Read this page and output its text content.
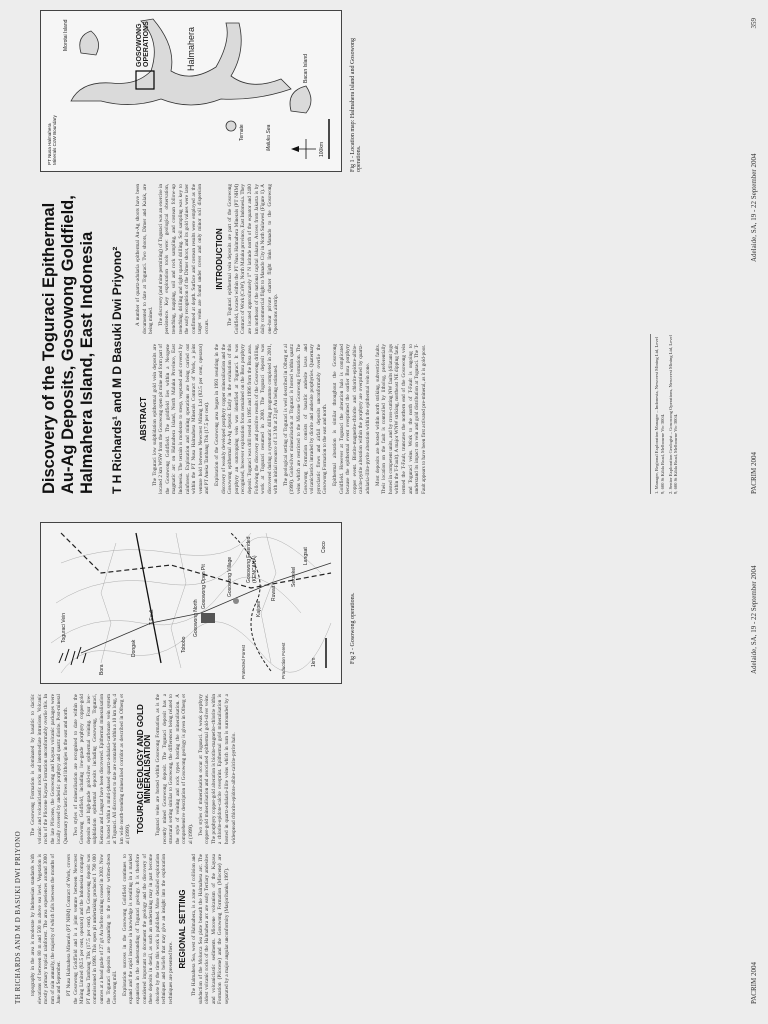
TH RICHARDS AND M D BASUKI DWI PRIYONO topography in the area is moderate by Indonesian standards with elevations of between 80 m and 500 m above sea level. Vegetation is mostly primary tropical rainforest. The area experiences around 3000 mm of rain annually, the majority of which falls between the months of June and September. PT Nusa Halmahera Minerals (PT NHM) Contract of Work, covers the Gosowong Goldfield and is a joint venture between Newcrest Mining Limited (82.5 per cent, operator) and the Indonesian company PT Aneka Tambang Tbk (17.5 per cent). The Gosowong deposit was commissioned in 1998. This open pit undertaking produced 1 790 000 ounces at a head grade of 27 g/t Au before mining ceased in 2002. Now the Toguraci deposits are expanding to the recently written-down Gosowong mill. Exploration success in the Gosowong Goldfield continues to expand and the rapid increase in knowledge is resulting in a marked expansion in the understanding of Toguraci geology. It is therefore considered important to document the geology and the discovery of these deposits in detail, as such an undertaking may in part become obsolete by the time this work is published. More detailed exploration techniques and beliefs that may give an insight into the exploration techniques are presented here.

REGIONAL SETTING The Halmahera Sea, west of Halmahera, is a zone of collision and subduction of the Molucca Sea plate beneath the Halmahera arc. The oldest volcanic rocks of the Halmahera arc are early Tertiary andesites and volcaniclastic sediments. Miocene volcanism of the Kayasa Formation (Pliocene) and the Gosowong Formation (Miocene) are separated by a major angular unconformity (Marjoribanks, 1997).

The Gosowong Formation is dominated by basaltic to dacitic volcanic and volcaniclastic rocks and intermediate intrusions. Volcanic rocks of the Pliocene Kayasa Formation unconformably overlie this. In the late Pliocene, the Gosowong and Kayasa volcanic packages were locally covered by andesitic porphyry and quartz diorite. Post-mineral Quaternary pyroclastic flows and lithologies in the east and north. Two styles of mineralisation are recognised to date within the Gosowong Goldfield, including low-grade porphyry copper-gold deposits and high-grade gold-silver epithermal veining. Four low-sulphidation epithermal deposits including Gosowong, Toguraci, Kencana and Langsat have been discovered. Epithermal mineralisation is hosted within a multi-phased quartz-adularia-carbonate vein system at Toguraci. All discoveries to date are contained within a 10 km long, 4 km wide north-trending mineralised corridor as described in Olberg et al (1999).

TOGURACI GEOLOGY AND GOLD MINERALISATION Toguraci veins are hosted within Gosowong Formation, as is the recently mined Gosowong deposit. The Toguraci deposit has a structural setting similar to Gosowong, the differences being related to the style of veining and rock types hosting the mineralisation. A comprehensive description of Gosowong geology is given in Olberg et al (1999). Two styles of mineralisation occur at Toguraci. A weak porphyry copper-gold mineralisation and associated epithermal gold-silver veins. The porphyry copper-gold alteration is biotite-magnetite-chlorite within a chlorite-epidote-calcite overprint. Epithermal gold mineralisation is hosted in quartz-adularia-illite veins which in turn is surrounded by a widespread chlorite-epidote-albite-calcite-pyrite halo.

1km
Toguraci Vein
Bora
Dongak	Tobobo
T Fault	Gosowong North
Gosowong Open Pit	Gosowong Village
Kajipeli
Ruwait
Gosowong Extended (KENCANA)	Seksekel
Langsat
Coco
Protected Forest	Production Forest	Fig 2 - Gosowong operations.	Adelaide, SA, 19 - 22 September 2004
PACRIM 2004
Discovery of the Toguraci Epithermal Au-Ag Deposits, Gosowong Goldfield, Halmahera Island, East Indonesia T H Richards¹ and M D Basuki Dwi Priyono² ABSTRACT The Toguraci low sulphidation epithermal gold vein deposits are located 2 km WSW from the Gosowong open pit mine and form part of the Gosowong Goldfield. The goldfield lies within a Neogene magmatic arc on Halmahera Island, North Maluku Province, East Indonesia. The terrain is moderate to steep, vegetated and covered by rainforest. Exploration and mining operations are being carried out within the PT Nusa Halmahera Minerals Contract of Work, a joint venture held between Newcrest Mining Ltd (82.5 per cent, operator) and PT Aneka Tambang Tbk (17.5 per cent). Exploration of the Gosowong area began in 1993 resulting in the discovery of weakly developed porphyry copper mineralisation and the Gosowong epithermal Au-Ag deposit. Early in the evaluation of this porphyry an outcropping vein was identified at Toguraci. It was recognised, however exploration focus remained on the Bora porphyry deposit. Toguraci was drill tested in 1995 and 1996 from the Bora area. Following the discovery and positive results of the Gosowong drilling, work at Toguraci resumed in 2000. The Toguraci deposit was discovered during a systematic drilling programme completed in 2001, with an initial resource of 1.3 Mt at 23 g/t Au being estimated. The geological setting of Toguraci is well described in Olberg et al (1999). Gold-silver mineralisation at Toguraci is hosted within quartz veins which are restricted to the Miocene Gosowong Formation. The Gosowong Formation consists of basaltic andesite lavas and volcaniclastics intruded by diorite and andesite porphyries. Quaternary pyroclastic flows and airfall deposits unconformably overlie the Gosowong Formation to the east and north. Epithermal alteration is similar throughout the Gosowong Goldfield. However at Toguraci the alteration halo is complicated because the epithermal event overprinted the earlier Bora porphyry copper event. Biotite-magnetite-chlorite and chlorite-epidote-albite-calcite-pyrite alteration within the porphyry are overprinted by quartz-adularia-illite-pyrite alteration within the epithermal vein zone. Most deposits are hosted within north striking, subvertical faults. Their location on the fault is controlled by litholog, preferentially hosted in competent units, and by cross-cutting NW faults (dilatant jogs within the T-Fault). A major WNW striking, northeast NE dipping fault, termed the T-Fault, truncates the northern end of the Gosowong vein and Toguraci veins. Work to the north of T-Fault is ongoing to understand its impact on vein and gold distribution at Toguraci. The T-Fault appears to have been first activated pre-mineral, as it is gold-poor.	1. Manager, Regional Exploration Manager – Indonesia, Newcrest Mining Ltd, Level 9, 600 St Kilda Road, Melbourne Vic 3004. 2. Senior Exploration Geologist – Gosowong Operations, Newcrest Mining Ltd, Level 9, 600 St Kilda Road, Melbourne Vic 3004.

A number of quartz-adularia epithermal Au-Ag shoots have been documented to date at Toguraci. Two shoots, Dimer and Kalak, are being mined. The discovery (and mine permitting) of Toguraci was an exercise in persistence. Key exploration tools were: geological observation, trenching, mapping, soil and rock sampling, and costean follow-up trenching, drilling and tight spaced drilling. Soil sampling was key to the early recognition of the Dimer shoot, and its gold values were later confirmed at depth. Surface and costean results were employed as the target veins are found under cover and only minor soil dispersion occurs.

INTRODUCTION The Toguraci epithermal vein deposits are part of the Gosowong Goldfield, located within the PT Nusa Halmahera Minerals (PT NHM) Contract of Work (CoW), North Maluku province, East Indonesia. They are located approximately 1° N latitude north of the equator and 2400 km northeast of the national capital Jakarta. Access from Jakarta is by daily commercial flight to Manado City in North Sulawesi (Figure 1). A one-hour private charter flight links Manado to the Gosowong Operations airstrip.

GOSOWONG OPERATIONS	Halmahera
Morotai Island
Ternate
Bacan Island
Maluku Sea
PT Nusa Halmahera Minerals CoW Boundary	100km	Fig 1 - Location map: Halmahera Island and Gosowong operations.
PACRIM 2004
Adelaide, SA, 19 - 22 September 2004
359
